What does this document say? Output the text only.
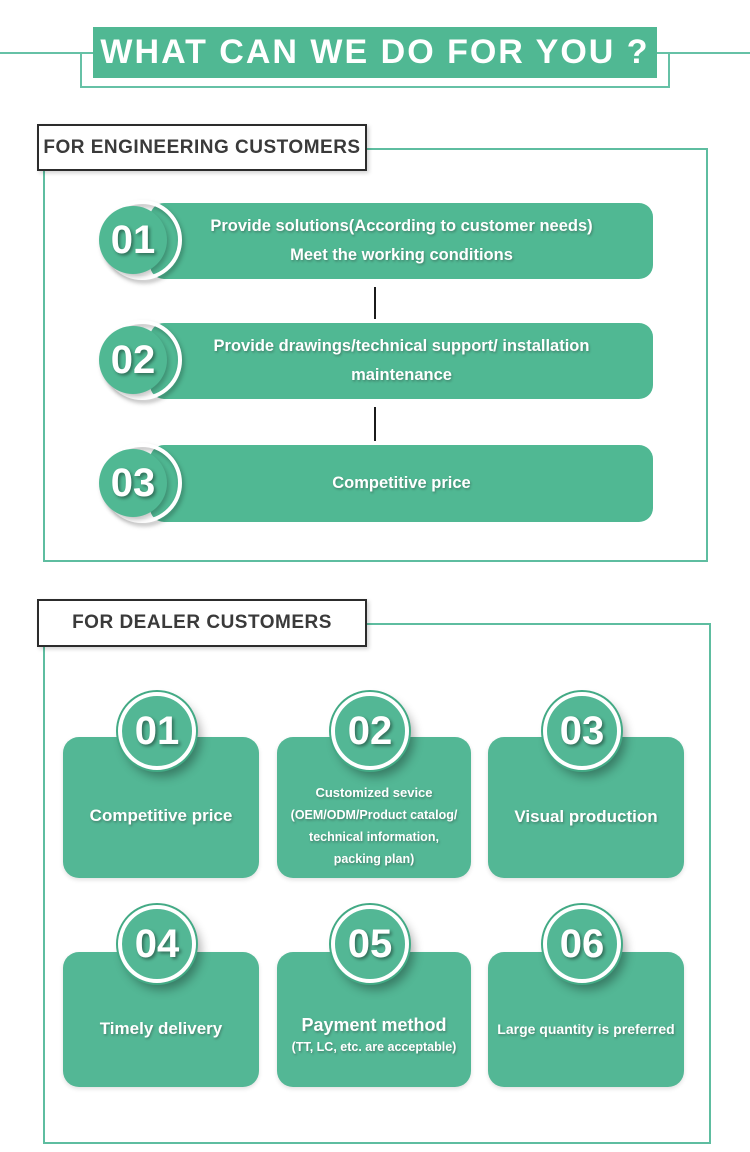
WHAT CAN WE DO FOR YOU ?
FOR ENGINEERING CUSTOMERS
Provide solutions(According to customer needs)
Meet the working conditions
01
Provide drawings/technical support/ installation
maintenance
02
Competitive price
03
FOR DEALER CUSTOMERS
01	02	03
Competitive price
Customized sevice
(OEM/ODM/Product catalog/
technical information,
packing plan)
Visual production
04	05	06
Timely delivery	Payment method
(TT, LC, etc. are acceptable)
Large quantity is preferred
